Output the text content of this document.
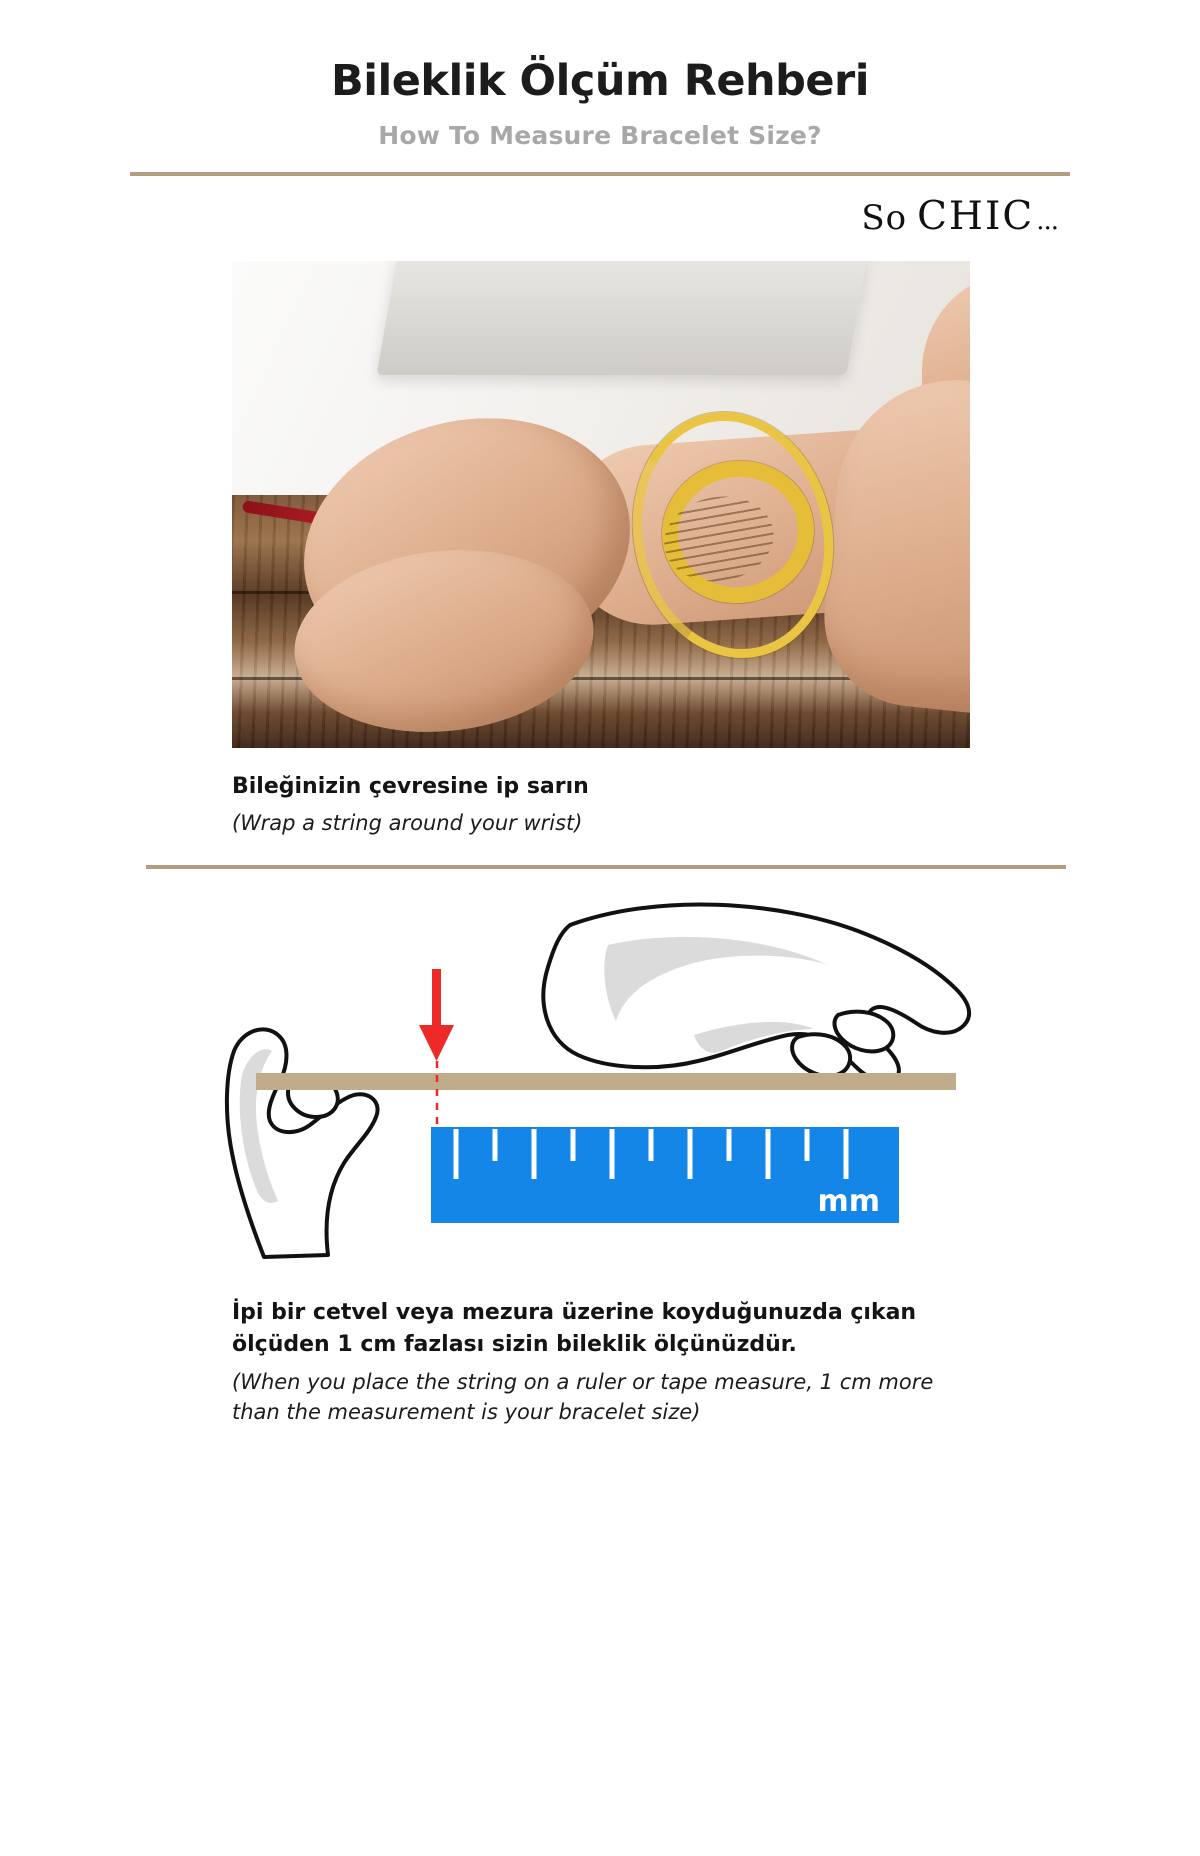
Bileklik Ölçüm Rehberi
How To Measure Bracelet Size?
So CHIC ...
Bileğinizin çevresine ip sarın
(Wrap a string around your wrist)
mm
İpi bir cetvel veya mezura üzerine koyduğunuzda çıkan ölçüden 1 cm fazlası sizin bileklik ölçünüzdür.
(When you place the string on a ruler or tape measure, 1 cm more than the measurement is your bracelet size)
